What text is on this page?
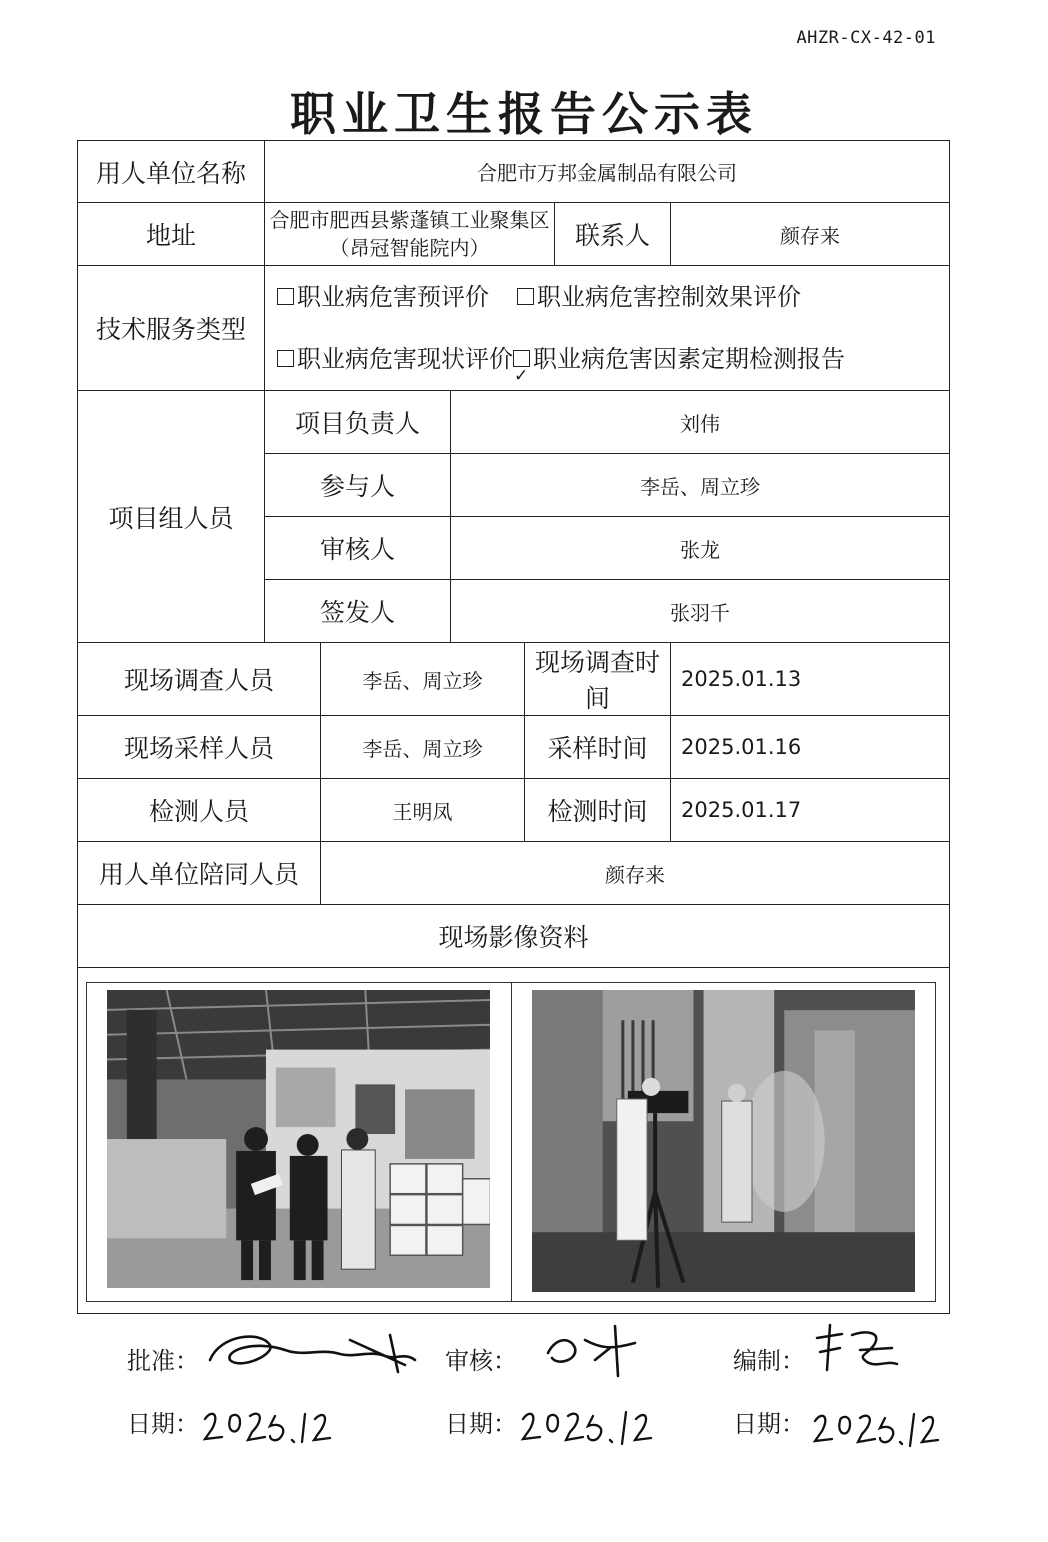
AHZR-CX-42-01
职业卫生报告公示表
用人单位名称	合肥市万邦金属制品有限公司					
地址	合肥市肥西县紫蓬镇工业聚集区
（昂冠智能院内）				联系人	颜存来
技术服务类型	职业病危害预评价 职业病危害控制效果评价
职业病危害现状评价 ✓ 职业病危害因素定期检测报告

项目组人员	项目负责人		刘伟			
	参与人		李岳、周立珍			
	审核人		张龙			
	签发人		张羽千			
现场调查人员		李岳、周立珍		现场调查时间		2025.01.13
现场采样人员		李岳、周立珍		采样时间		2025.01.16
检测人员		王明凤		检测时间		2025.01.17
用人单位陪同人员		颜存来				
现场影像资料						

批准：	审核：	编制：
日期：	日期：	日期：
